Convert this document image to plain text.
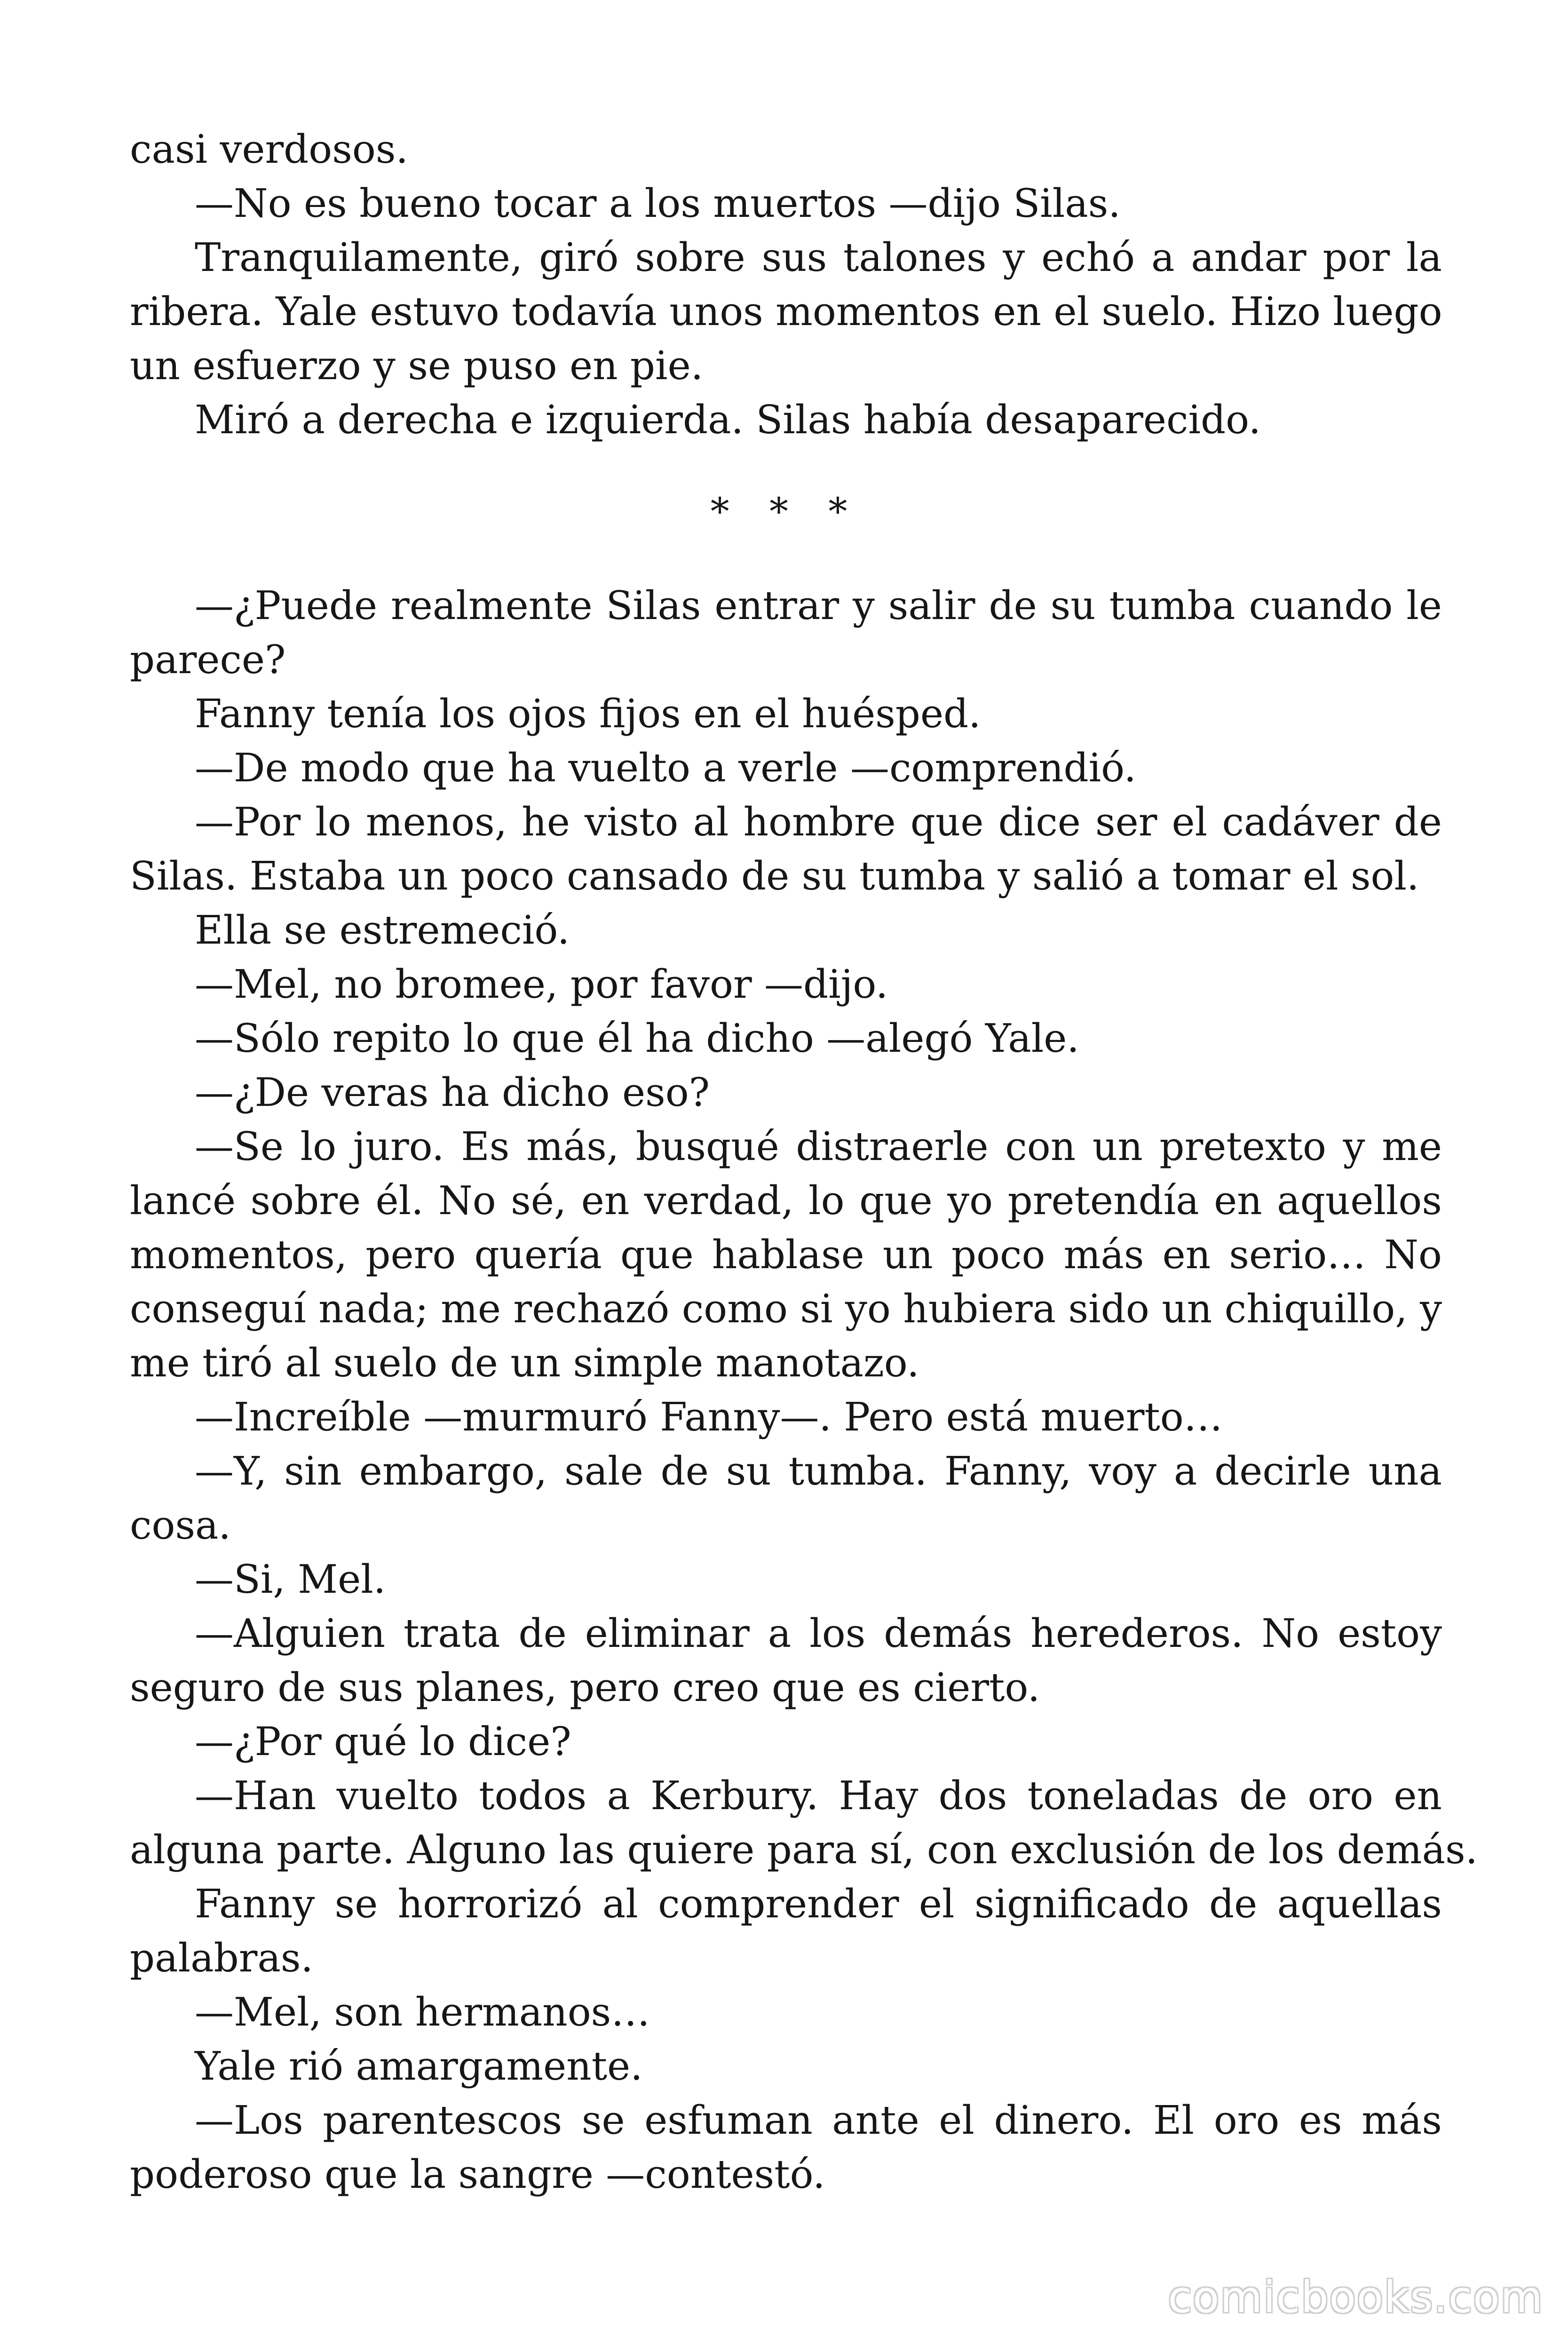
casi verdosos.
—No es bueno tocar a los muertos —dijo Silas.
Tranquilamente, giró sobre sus talones y echó a andar por la
ribera. Yale estuvo todavía unos momentos en el suelo. Hizo luego
un esfuerzo y se puso en pie.
Miró a derecha e izquierda. Silas había desaparecido.
* * *
—¿Puede realmente Silas entrar y salir de su tumba cuando le
parece?
Fanny tenía los ojos fijos en el huésped.
—De modo que ha vuelto a verle —comprendió.
—Por lo menos, he visto al hombre que dice ser el cadáver de
Silas. Estaba un poco cansado de su tumba y salió a tomar el sol.
Ella se estremeció.
—Mel, no bromee, por favor —dijo.
—Sólo repito lo que él ha dicho —alegó Yale.
—¿De veras ha dicho eso?
—Se lo juro. Es más, busqué distraerle con un pretexto y me
lancé sobre él. No sé, en verdad, lo que yo pretendía en aquellos
momentos, pero quería que hablase un poco más en serio… No
conseguí nada; me rechazó como si yo hubiera sido un chiquillo, y
me tiró al suelo de un simple manotazo.
—Increíble —murmuró Fanny—. Pero está muerto…
—Y, sin embargo, sale de su tumba. Fanny, voy a decirle una
cosa.
—Si, Mel.
—Alguien trata de eliminar a los demás herederos. No estoy
seguro de sus planes, pero creo que es cierto.
—¿Por qué lo dice?
—Han vuelto todos a Kerbury. Hay dos toneladas de oro en
alguna parte. Alguno las quiere para sí, con exclusión de los demás.
Fanny se horrorizó al comprender el significado de aquellas
palabras.
—Mel, son hermanos…
Yale rió amargamente.
—Los parentescos se esfuman ante el dinero. El oro es más
poderoso que la sangre —contestó.
comicbooks.com
